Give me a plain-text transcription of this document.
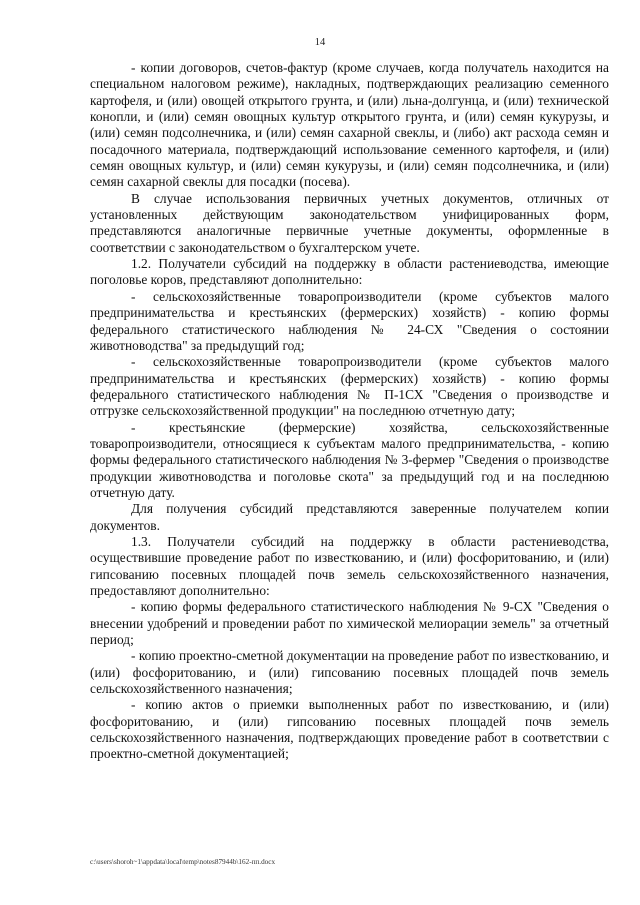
14

- копии договоров, счетов-фактур (кроме случаев, когда получатель находится на специальном налоговом режиме), накладных, подтверждающих реализацию семенного картофеля, и (или) овощей открытого грунта, и (или) льна-долгунца, и (или) технической конопли, и (или) семян овощных культур открытого грунта, и (или) семян кукурузы, и (или) семян подсолнечника, и (или) семян сахарной свеклы, и (либо) акт расхода семян и посадочного материала, подтверждающий использование семенного картофеля, и (или) семян овощных культур, и (или) семян кукурузы, и (или) семян подсолнечника, и (или) семян сахарной свеклы для посадки (посева).

В случае использования первичных учетных документов, отличных от установленных действующим законодательством унифицированных форм, представляются аналогичные первичные учетные документы, оформленные в соответствии с законодательством о бухгалтерском учете.

1.2. Получатели субсидий на поддержку в области растениеводства, имеющие поголовье коров, представляют дополнительно:

- сельскохозяйственные товаропроизводители (кроме субъектов малого предпринимательства и крестьянских (фермерских) хозяйств) - копию формы федерального статистического наблюдения № 24-СХ "Сведения о состоянии животноводства" за предыдущий год;

- сельскохозяйственные товаропроизводители (кроме субъектов малого предпринимательства и крестьянских (фермерских) хозяйств) - копию формы федерального статистического наблюдения № П-1СХ "Сведения о производстве и отгрузке сельскохозяйственной продукции" на последнюю отчетную дату;

- крестьянские (фермерские) хозяйства, сельскохозяйственные товаропроизводители, относящиеся к субъектам малого предпринимательства, - копию формы федерального статистического наблюдения № 3-фермер "Сведения о производстве продукции животноводства и поголовье скота" за предыдущий год и на последнюю отчетную дату.

Для получения субсидий представляются заверенные получателем копии документов.

1.3. Получатели субсидий на поддержку в области растениеводства, осуществившие проведение работ по известкованию, и (или) фосфоритованию, и (или) гипсованию посевных площадей почв земель сельскохозяйственного назначения, предоставляют дополнительно:

- копию формы федерального статистического наблюдения № 9-СХ "Сведения о внесении удобрений и проведении работ по химической мелиорации земель" за отчетный период;

- копию проектно-сметной документации на проведение работ по известкованию, и (или) фосфоритованию, и (или) гипсованию посевных площадей почв земель сельскохозяйственного назначения;

- копию актов о приемки выполненных работ по известкованию, и (или) фосфоритованию, и (или) гипсованию посевных площадей почв земель сельскохозяйственного назначения, подтверждающих проведение работ в соответствии с проектно-сметной документацией;

c:\users\shoroh~1\appdata\local\temp\notes87944b\162-пп.docx
